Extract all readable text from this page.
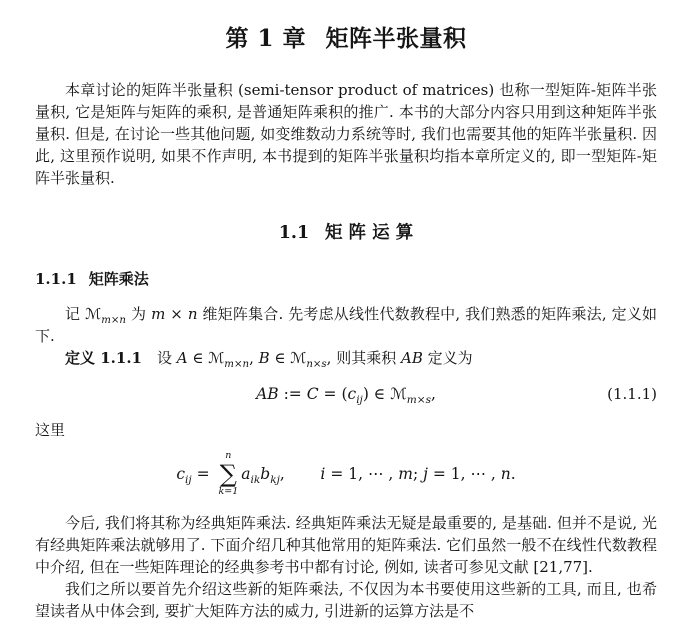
第 1 章 矩阵半张量积

本章讨论的矩阵半张量积 (semi-tensor product of matrices) 也称一型矩阵-矩阵半张量积, 它是矩阵与矩阵的乘积, 是普通矩阵乘积的推广. 本书的大部分内容只用到这种矩阵半张量积. 但是, 在讨论一些其他问题, 如变维数动力系统等时, 我们也需要其他的矩阵半张量积. 因此, 这里预作说明, 如果不作声明, 本书提到的矩阵半张量积均指本章所定义的, 即一型矩阵-矩阵半张量积.

1.1 矩 阵 运 算
1.1.1 矩阵乘法

记 ℳ$_{m\times n}$ 为 m × n 维矩阵集合. 先考虑从线性代数教程中, 我们熟悉的矩阵乘法, 定义如下.

定义 1.1.1　设 A ∈ ℳ$_{m\times n}$, B ∈ ℳ$_{n\times s}$, 则其乘积 AB 定义为

AB := $C = (c_{ij})$ ∈ ℳ$_{m\times s}$,	(1.1.1)

这里

$c_{ij}$ =
n
∑
k=1
$a_{ik}b_{kj}$, i = 1, ⋯ , m; j = 1, ⋯ , n.

今后, 我们将其称为经典矩阵乘法. 经典矩阵乘法无疑是最重要的, 是基础. 但并不是说, 光有经典矩阵乘法就够用了. 下面介绍几种其他常用的矩阵乘法. 它们虽然一般不在线性代数教程中介绍, 但在一些矩阵理论的经典参考书中都有讨论, 例如, 读者可参见文献 [21,77].

我们之所以要首先介绍这些新的矩阵乘法, 不仅因为本书要使用这些新的工具, 而且, 也希望读者从中体会到, 要扩大矩阵方法的威力, 引进新的运算方法是不
